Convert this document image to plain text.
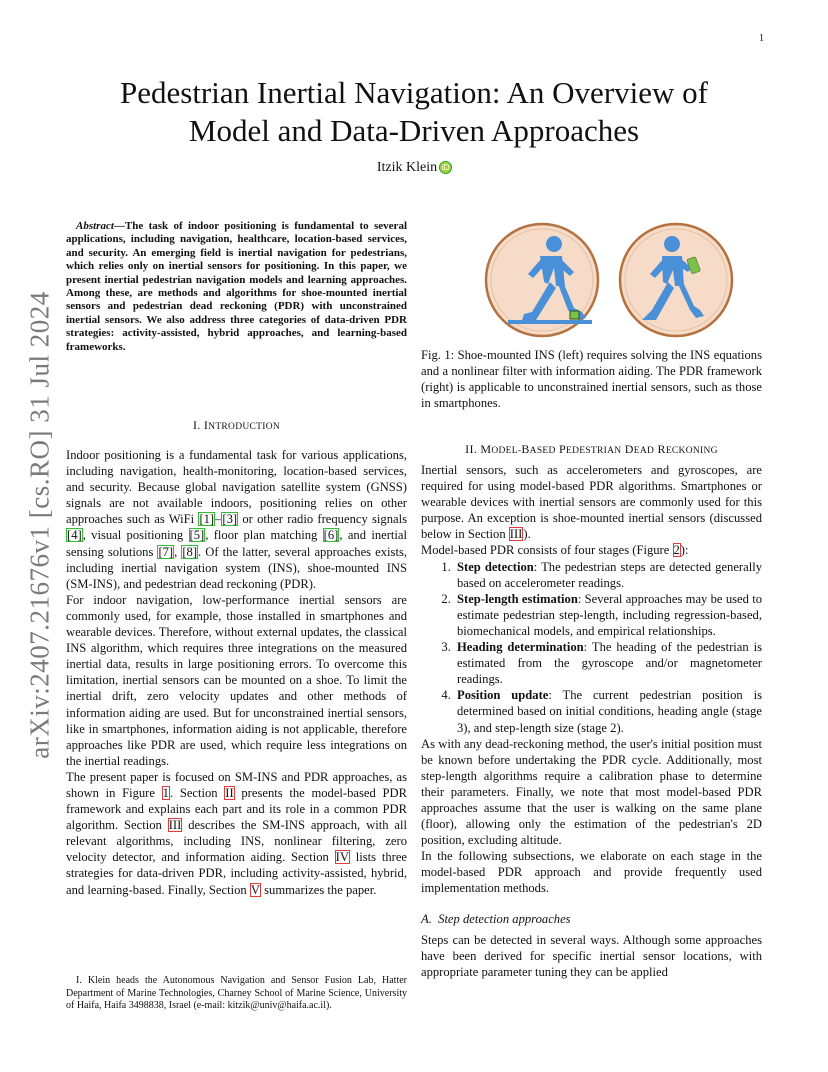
1
arXiv:2407.21676v1 [cs.RO] 31 Jul 2024
Pedestrian Inertial Navigation: An Overview of Model and Data-Driven Approaches
Itzik Klein iD
Abstract—The task of indoor positioning is fundamental to several applications, including navigation, healthcare, location-based services, and security. An emerging field is inertial navigation for pedestrians, which relies only on inertial sensors for positioning. In this paper, we present inertial pedestrian navigation models and learning approaches. Among these, are methods and algorithms for shoe-mounted inertial sensors and pedestrian dead reckoning (PDR) with unconstrained inertial sensors. We also address three categories of data-driven PDR strategies: activity-assisted, hybrid approaches, and learning-based frameworks.
I. INTRODUCTION

Indoor positioning is a fundamental task for various applications, including navigation, health-monitoring, location-based services, and security. Because global navigation satellite system (GNSS) signals are not available indoors, positioning relies on other approaches such as WiFi [1]–[3] or other radio frequency signals [4], visual positioning [5], floor plan matching [6], and inertial sensing solutions [7], [8]. Of the latter, several approaches exists, including inertial navigation system (INS), shoe-mounted INS (SM-INS), and pedestrian dead reckoning (PDR).

For indoor navigation, low-performance inertial sensors are commonly used, for example, those installed in smartphones and wearable devices. Therefore, without external updates, the classical INS algorithm, which requires three integrations on the measured inertial data, results in large positioning errors. To overcome this limitation, inertial sensors can be mounted on a shoe. To limit the inertial drift, zero velocity updates and other methods of information aiding are used. But for unconstrained inertial sensors, like in smartphones, information aiding is not applicable, therefore approaches like PDR are used, which require less integrations on the inertial readings.

The present paper is focused on SM-INS and PDR approaches, as shown in Figure 1. Section II presents the model-based PDR framework and explains each part and its role in a common PDR algorithm. Section III describes the SM-INS approach, with all relevant algorithms, including INS, nonlinear filtering, zero velocity detector, and information aiding. Section IV lists three strategies for data-driven PDR, including activity-assisted, hybrid, and learning-based. Finally, Section V summarizes the paper.

I. Klein heads the Autonomous Navigation and Sensor Fusion Lab, Hatter Department of Marine Technologies, Charney School of Marine Science, University of Haifa, Haifa 3498838, Israel (e-mail: kitzik@univ@haifa.ac.il).

Fig. 1: Shoe-mounted INS (left) requires solving the INS equations and a nonlinear filter with information aiding. The PDR framework (right) is applicable to unconstrained inertial sensors, such as those in smartphones.
II. MODEL-BASED PEDESTRIAN DEAD RECKONING

Inertial sensors, such as accelerometers and gyroscopes, are required for using model-based PDR algorithms. Smartphones or wearable devices with inertial sensors are commonly used for this purpose. An exception is shoe-mounted inertial sensors (discussed below in Section III).

Model-based PDR consists of four stages (Figure 2):

1. Step detection: The pedestrian steps are detected generally based on accelerometer readings.
2. Step-length estimation: Several approaches may be used to estimate pedestrian step-length, including regression-based, biomechanical models, and empirical relationships.
3. Heading determination: The heading of the pedestrian is estimated from the gyroscope and/or magnetometer readings.
4. Position update: The current pedestrian position is determined based on initial conditions, heading angle (stage 3), and step-length size (stage 2).

As with any dead-reckoning method, the user's initial position must be known before undertaking the PDR cycle. Additionally, most step-length algorithms require a calibration phase to determine their parameters. Finally, we note that most model-based PDR approaches assume that the user is walking on the same plane (floor), allowing only the estimation of the pedestrian's 2D position, excluding altitude.

In the following subsections, we elaborate on each stage in the model-based PDR approach and provide frequently used implementation methods.

A. Step detection approaches

Steps can be detected in several ways. Although some approaches have been derived for specific inertial sensor locations, with appropriate parameter tuning they can be applied
